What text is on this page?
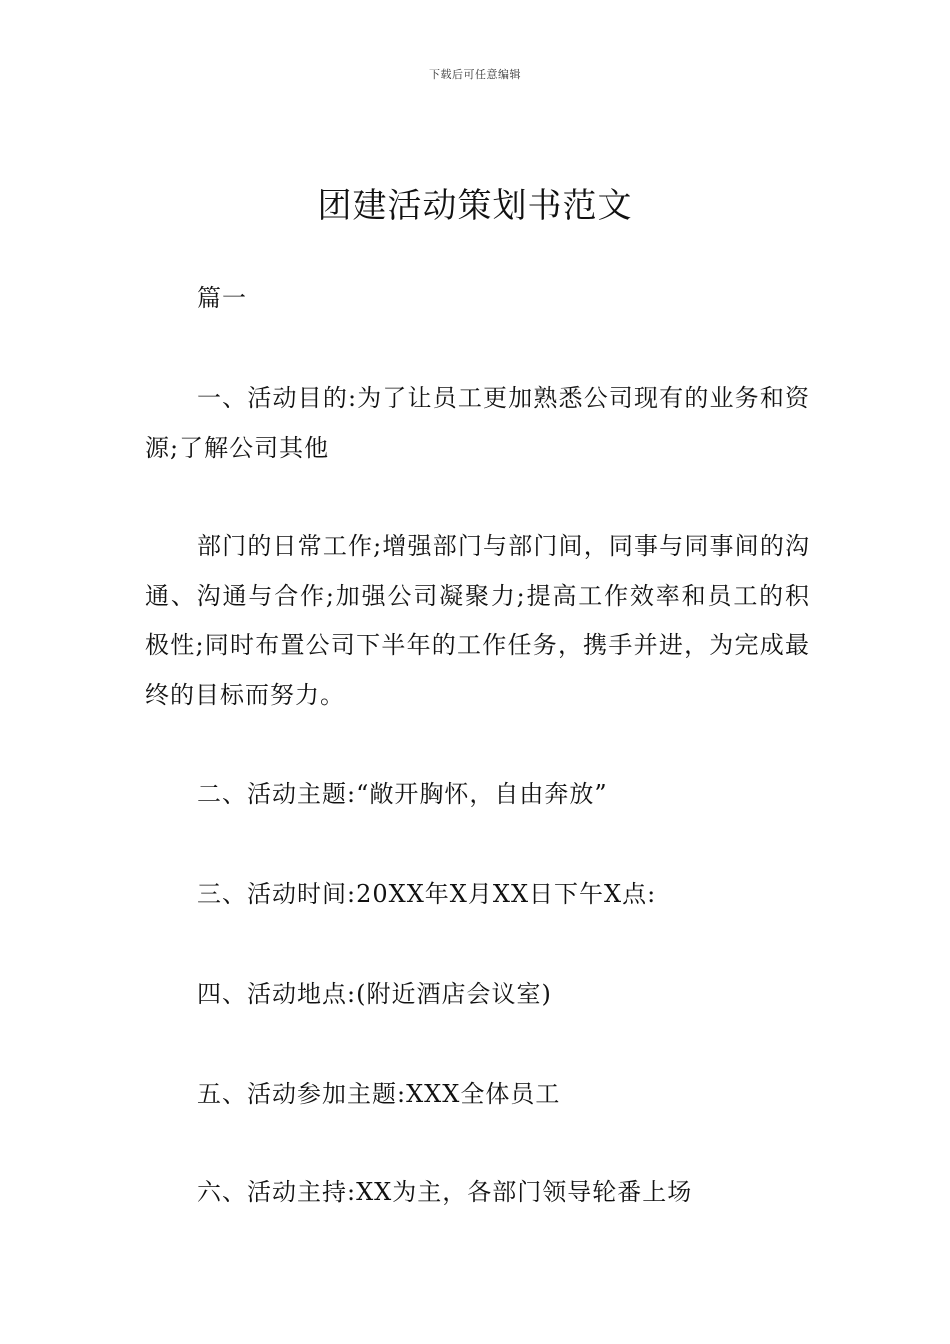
下载后可任意编辑
团建活动策划书范文

篇一

一、活动目的:为了让员工更加熟悉公司现有的业务和资源;了解公司其他

部门的日常工作;增强部门与部门间，同事与同事间的沟通、沟通与合作;加强公司凝聚力;提高工作效率和员工的积极性;同时布置公司下半年的工作任务，携手并进，为完成最终的目标而努力。

二、活动主题:“敞开胸怀，自由奔放”

三、活动时间:20XX年X月XX日下午X点:

四、活动地点:(附近酒店会议室)

五、活动参加主题:XXX全体员工

六、活动主持:XX为主，各部门领导轮番上场
